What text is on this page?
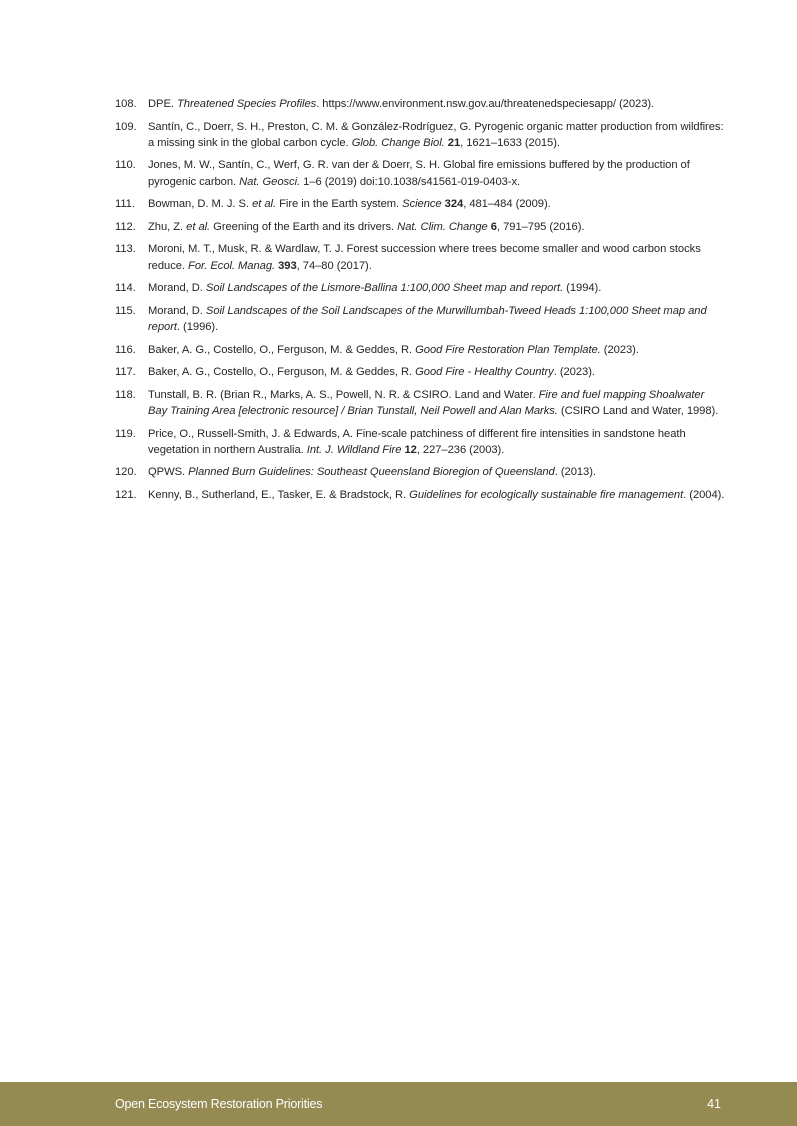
108. DPE. Threatened Species Profiles. https://www.environment.nsw.gov.au/threatenedspeciesapp/ (2023).
109. Santín, C., Doerr, S. H., Preston, C. M. & González-Rodríguez, G. Pyrogenic organic matter production from wildfires: a missing sink in the global carbon cycle. Glob. Change Biol. 21, 1621–1633 (2015).
110. Jones, M. W., Santín, C., Werf, G. R. van der & Doerr, S. H. Global fire emissions buffered by the production of pyrogenic carbon. Nat. Geosci. 1–6 (2019) doi:10.1038/s41561-019-0403-x.
111. Bowman, D. M. J. S. et al. Fire in the Earth system. Science 324, 481–484 (2009).
112. Zhu, Z. et al. Greening of the Earth and its drivers. Nat. Clim. Change 6, 791–795 (2016).
113. Moroni, M. T., Musk, R. & Wardlaw, T. J. Forest succession where trees become smaller and wood carbon stocks reduce. For. Ecol. Manag. 393, 74–80 (2017).
114. Morand, D. Soil Landscapes of the Lismore-Ballina 1:100,000 Sheet map and report. (1994).
115. Morand, D. Soil Landscapes of the Soil Landscapes of the Murwillumbah-Tweed Heads 1:100,000 Sheet map and report. (1996).
116. Baker, A. G., Costello, O., Ferguson, M. & Geddes, R. Good Fire Restoration Plan Template. (2023).
117. Baker, A. G., Costello, O., Ferguson, M. & Geddes, R. Good Fire - Healthy Country. (2023).
118. Tunstall, B. R. (Brian R., Marks, A. S., Powell, N. R. & CSIRO. Land and Water. Fire and fuel mapping Shoalwater Bay Training Area [electronic resource] / Brian Tunstall, Neil Powell and Alan Marks. (CSIRO Land and Water, 1998).
119. Price, O., Russell-Smith, J. & Edwards, A. Fine-scale patchiness of different fire intensities in sandstone heath vegetation in northern Australia. Int. J. Wildland Fire 12, 227–236 (2003).
120. QPWS. Planned Burn Guidelines: Southeast Queensland Bioregion of Queensland. (2013).
121. Kenny, B., Sutherland, E., Tasker, E. & Bradstock, R. Guidelines for ecologically sustainable fire management. (2004).
Open Ecosystem Restoration Priorities	41
